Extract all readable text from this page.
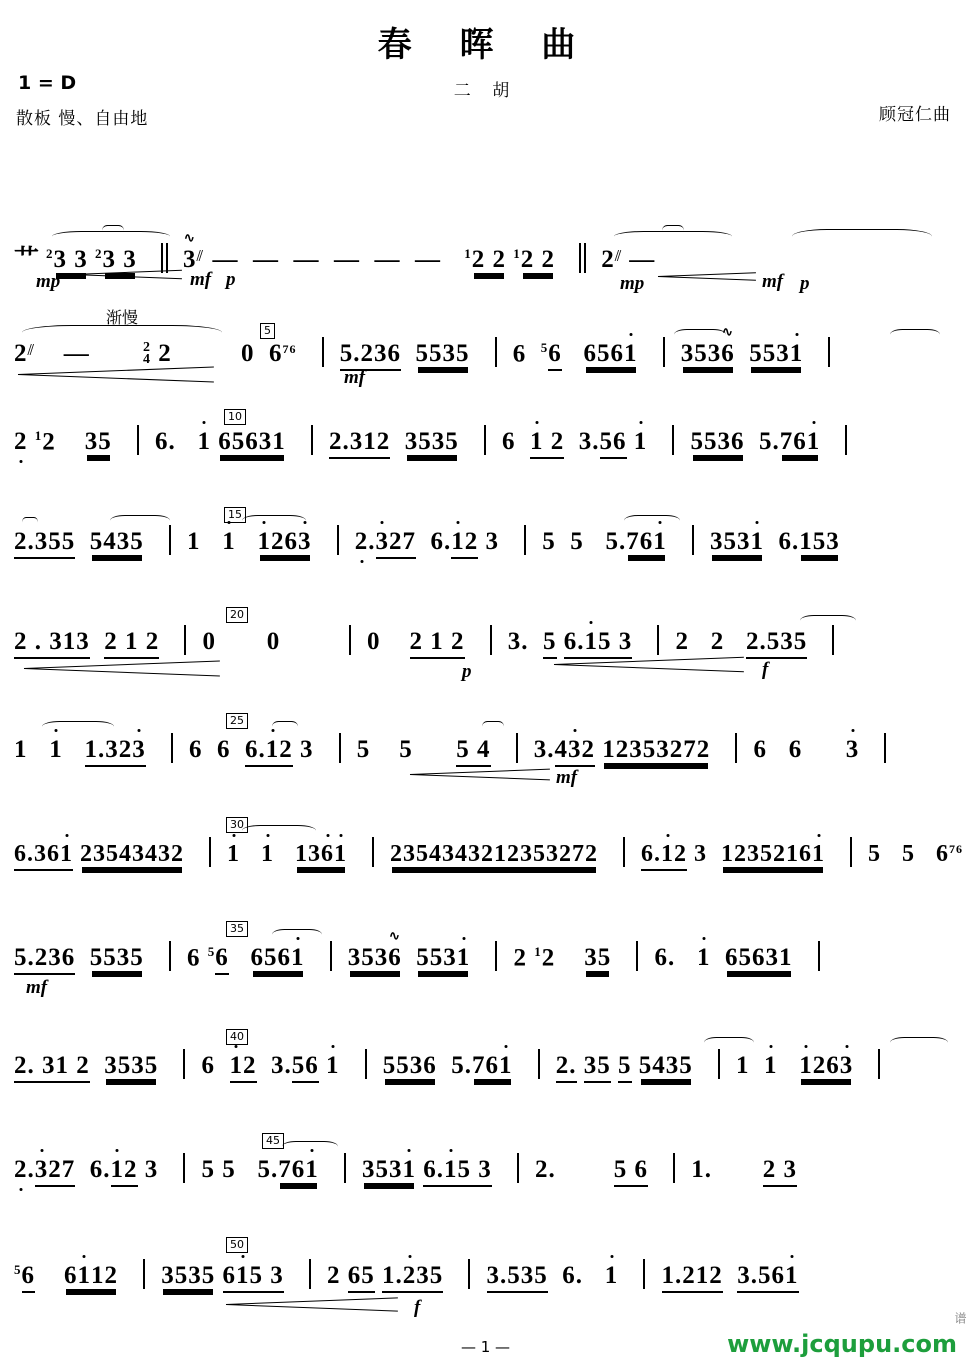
春 晖 曲
二 胡
1 = D
散板 慢、自由地	顾冠仁曲
艹 $^2$3 3 $^2$3 3 3 ∿ —  —  —  —  —  — $^1$2 2 $^1$2 2 2  —
mp	mf p	mp	mf p
渐慢
2     —	2
4 2	0  676 5.236 5535 6  $^5$6 6561 3536 ∿ 5531
5
mf
10
2 $^1$2    35 6.   1 65631 2.312 3535 6  1 2  3.56 1 5536  5.761
15
2.355 5435 1   1 1263 2.327  6.12 3 5  5   5.761 3531  6.153
20
2 . 313 2 1 2 0       0       0    2 1 2 3.  5 6.15 3 2   2   2.535
p	f
25
1   1 1.323 6  6  6.12 3 5    5      5 4 3.432 12353272 6   6      3
mf
30
6.361 23543432 1 1 1361 2354343212353272 6.12 3  12352161 5   5   676
35
5.236 5535 6 $^5$6 6561 3536 ∿ 5531 2 $^1$2    35 6.   1 65631
mf
40
2. 31 2 3535 6  12  3.56 1 5536  5.761 2. 35 5 5435 1  1 1263
45
2.327  6.12 3 5 5   5.761 3531 6.15 3 2.        5 6 1.       2 3
50
$^5$6 6112 3535 615 3 2 65 1.235 3.535  6.   1 1.212 3.561
f
— 1 —	www.jcqupu.com
谱
